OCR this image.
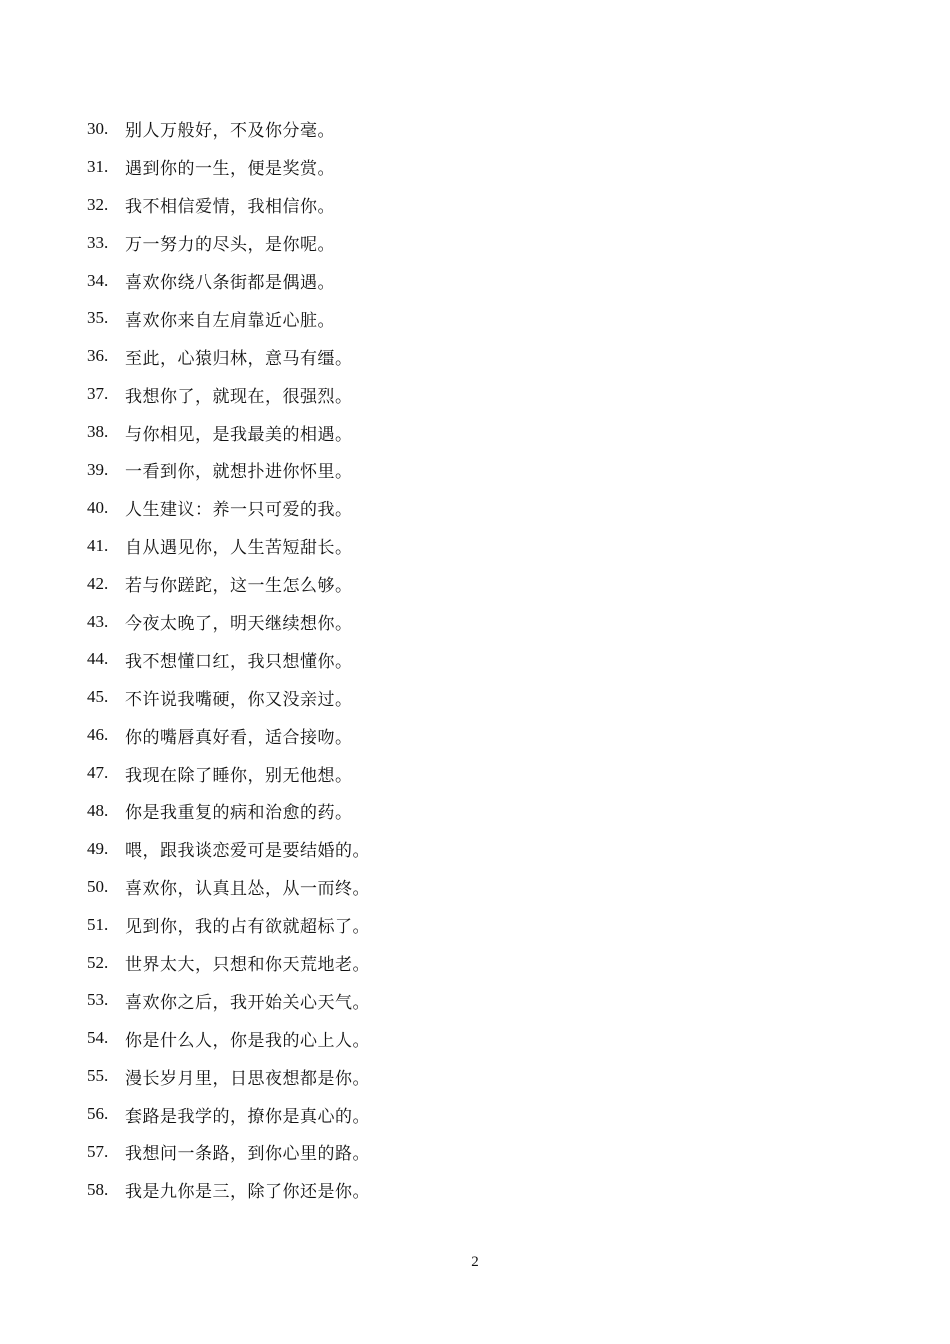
30. 别人万般好，不及你分毫。
31. 遇到你的一生，便是奖赏。
32. 我不相信爱情，我相信你。
33. 万一努力的尽头，是你呢。
34. 喜欢你绕八条街都是偶遇。
35. 喜欢你来自左肩靠近心脏。
36. 至此，心猿归林，意马有缰。
37. 我想你了，就现在，很强烈。
38. 与你相见，是我最美的相遇。
39. 一看到你，就想扑进你怀里。
40. 人生建议：养一只可爱的我。
41. 自从遇见你，人生苦短甜长。
42. 若与你蹉跎，这一生怎么够。
43. 今夜太晚了，明天继续想你。
44. 我不想懂口红，我只想懂你。
45. 不许说我嘴硬，你又没亲过。
46. 你的嘴唇真好看，适合接吻。
47. 我现在除了睡你，别无他想。
48. 你是我重复的病和治愈的药。
49. 喂，跟我谈恋爱可是要结婚的。
50. 喜欢你，认真且怂，从一而终。
51. 见到你，我的占有欲就超标了。
52. 世界太大，只想和你天荒地老。
53. 喜欢你之后，我开始关心天气。
54. 你是什么人，你是我的心上人。
55. 漫长岁月里，日思夜想都是你。
56. 套路是我学的，撩你是真心的。
57. 我想问一条路，到你心里的路。
58. 我是九你是三，除了你还是你。
2
